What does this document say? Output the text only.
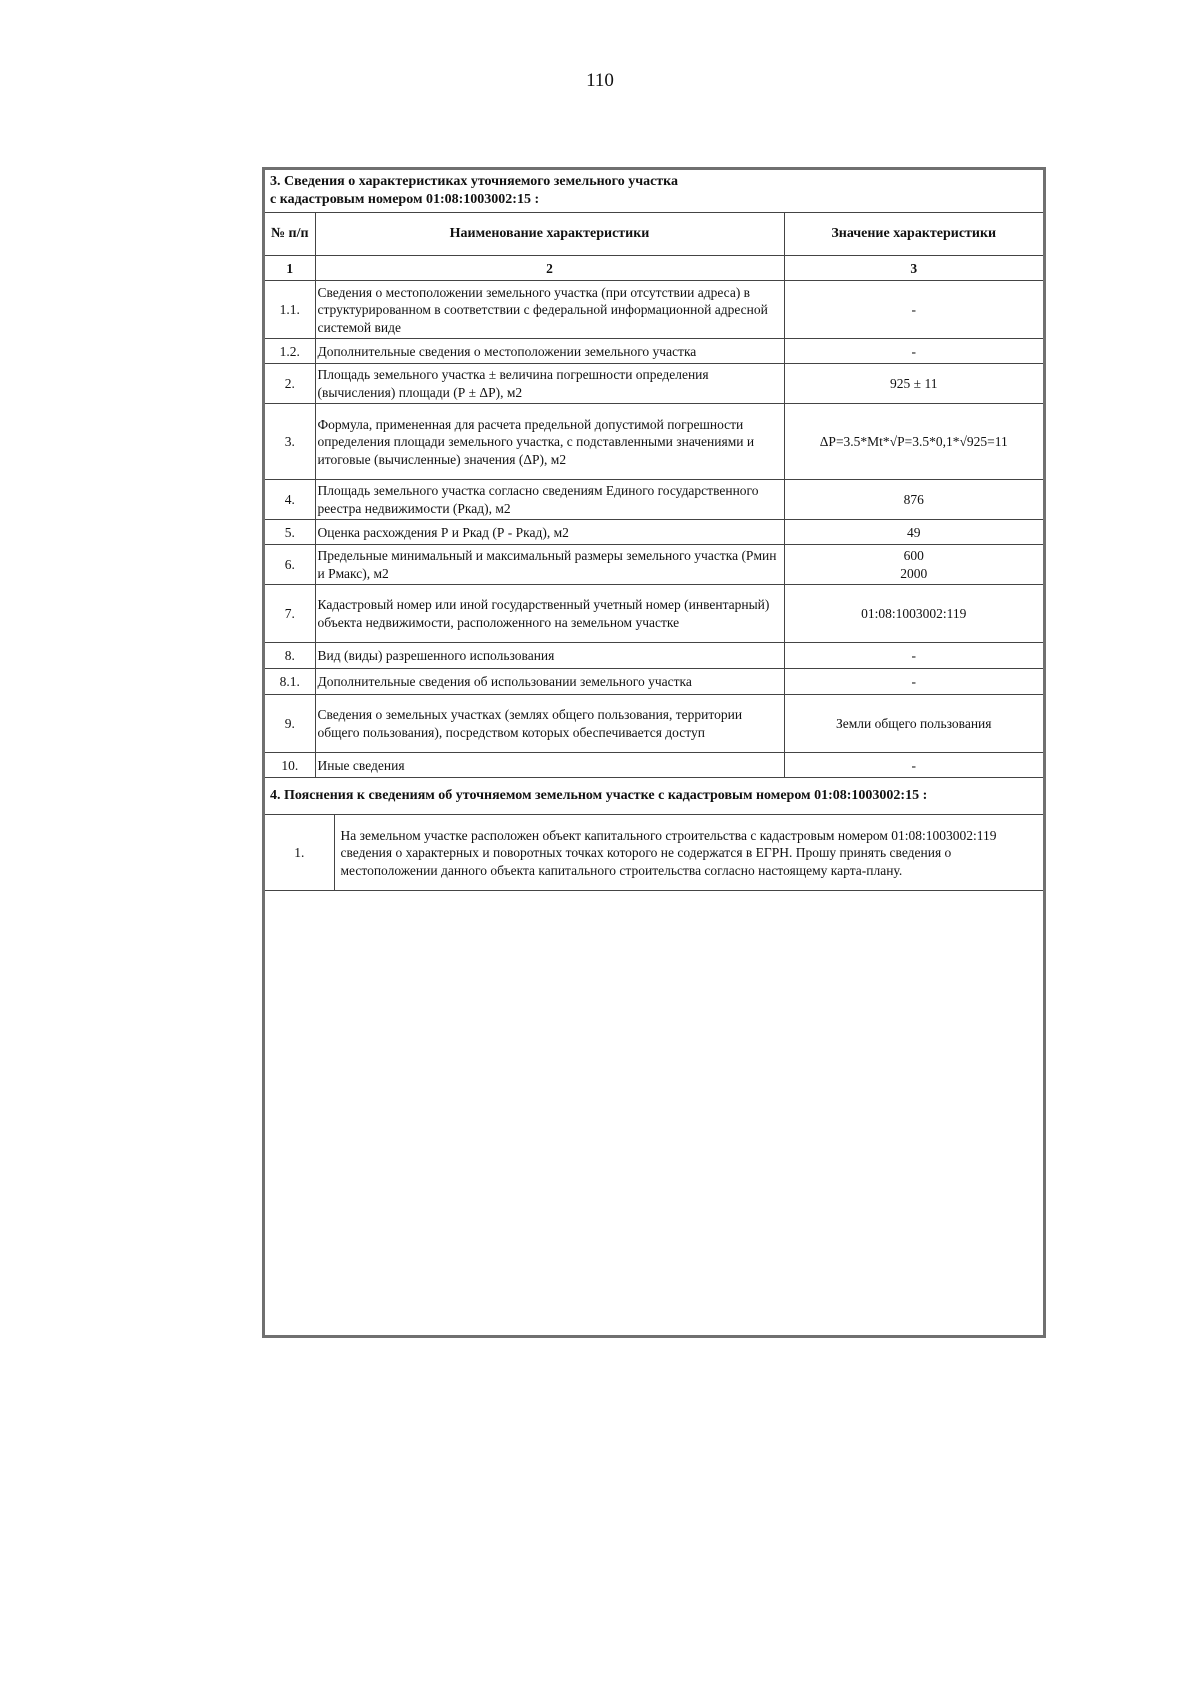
110
3. Сведения о характеристиках уточняемого земельного участка
с кадастровым номером 01:08:1003002:15 :		

№ п/п	Наименование характеристики	Значение характеристики
1	2	3
1.1.	Сведения о местоположении земельного участка (при отсутствии адреса) в структурированном в соответствии с федеральной информационной адресной системой виде	-
1.2.	Дополнительные сведения о местоположении земельного участка	-
2.	Площадь земельного участка ± величина погрешности определения (вычисления) площади (Р ± ΔР), м2	925 ± 11
3.	Формула, примененная для расчета предельной допустимой погрешности определения площади земельного участка, с подставленными значениями и итоговые (вычисленные) значения (ΔР), м2	ΔР=3.5*Mt*√Р=3.5*0,1*√925=11
4.	Площадь земельного участка согласно сведениям Единого государственного реестра недвижимости (Ркад), м2	876
5.	Оценка расхождения Р и Ркад (Р - Ркад), м2	49
6.	Предельные минимальный и максимальный размеры земельного участка (Рмин и Рмакс), м2	600
2000

7.	Кадастровый номер или иной государственный учетный номер (инвентарный) объекта недвижимости, расположенного на земельном участке	01:08:1003002:119
8.	Вид (виды) разрешенного использования	-
8.1.	Дополнительные сведения об использовании земельного участка	-
9.	Сведения о земельных участках (землях общего пользования, территории общего пользования), посредством которых обеспечивается доступ	Земли общего пользования
10.	Иные сведения	-
4. Пояснения к сведениям об уточняемом земельном участке с кадастровым номером 01:08:1003002:15 :
1.	На земельном участке расположен объект капитального строительства с кадастровым номером 01:08:1003002:119 сведения о характерных и поворотных точках которого не содержатся в ЕГРН. Прошу принять сведения о местоположении данного объекта капитального строительства согласно настоящему карта-плану.
